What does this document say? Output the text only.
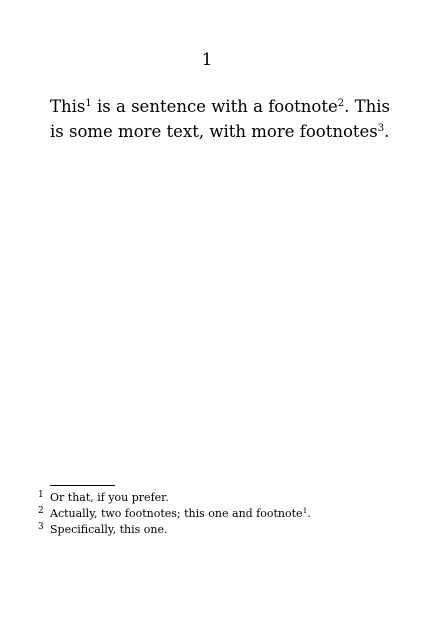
1

This$^1$ is a sentence with a footnote$^2$. This is some more text, with more footnotes$^3$.

1 Or that, if you prefer.
2 Actually, two footnotes; this one and footnote$^1$.
3 Specifically, this one.
